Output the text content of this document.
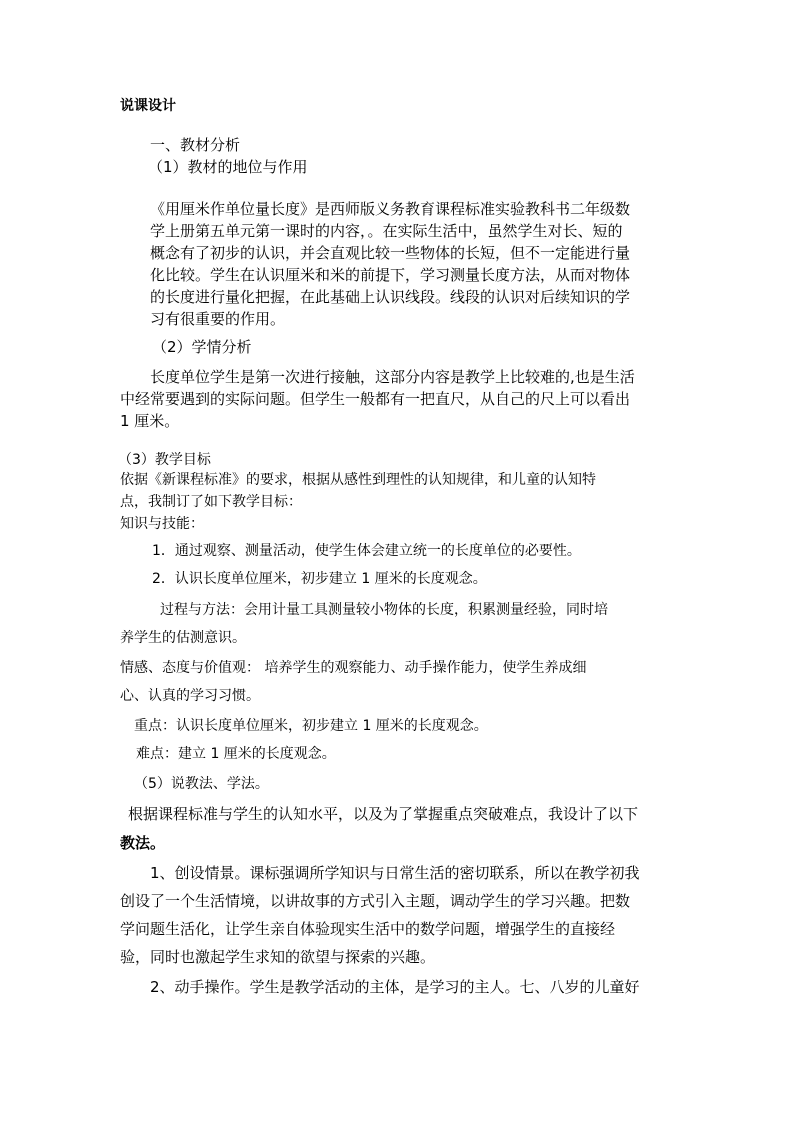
说课设计
一、教材分析
（1）教材的地位与作用
《用厘米作单位量长度》是西师版义务教育课程标准实验教科书二年级数
学上册第五单元第一课时的内容，。在实际生活中，虽然学生对长、短的
概念有了初步的认识，并会直观比较一些物体的长短，但不一定能进行量
化比较。学生在认识厘米和米的前提下，学习测量长度方法，从而对物体
的长度进行量化把握，在此基础上认识线段。线段的认识对后续知识的学
习有很重要的作用。
（2）学情分析
长度单位学生是第一次进行接触，这部分内容是教学上比较难的,也是生活
中经常要遇到的实际问题。但学生一般都有一把直尺，从自己的尺上可以看出
1 厘米。
（3）教学目标
依据《新课程标准》的要求，根据从感性到理性的认知规律，和儿童的认知特
点，我制订了如下教学目标：
知识与技能：
1．通过观察、测量活动，使学生体会建立统一的长度单位的必要性。
2．认识长度单位厘米，初步建立 1 厘米的长度观念。
过程与方法：会用计量工具测量较小物体的长度，积累测量经验，同时培
养学生的估测意识。
情感、态度与价值观： 培养学生的观察能力、动手操作能力，使学生养成细
心、认真的学习习惯。
重点：认识长度单位厘米，初步建立 1 厘米的长度观念。
难点：建立 1 厘米的长度观念。
（5）说教法、学法。
根据课程标准与学生的认知水平，以及为了掌握重点突破难点，我设计了以下
教法。
1、创设情景。课标强调所学知识与日常生活的密切联系，所以在教学初我
创设了一个生活情境，以讲故事的方式引入主题，调动学生的学习兴趣。把数
学问题生活化，让学生亲自体验现实生活中的数学问题，增强学生的直接经
验，同时也激起学生求知的欲望与探索的兴趣。
2、动手操作。学生是教学活动的主体，是学习的主人。七、八岁的儿童好
